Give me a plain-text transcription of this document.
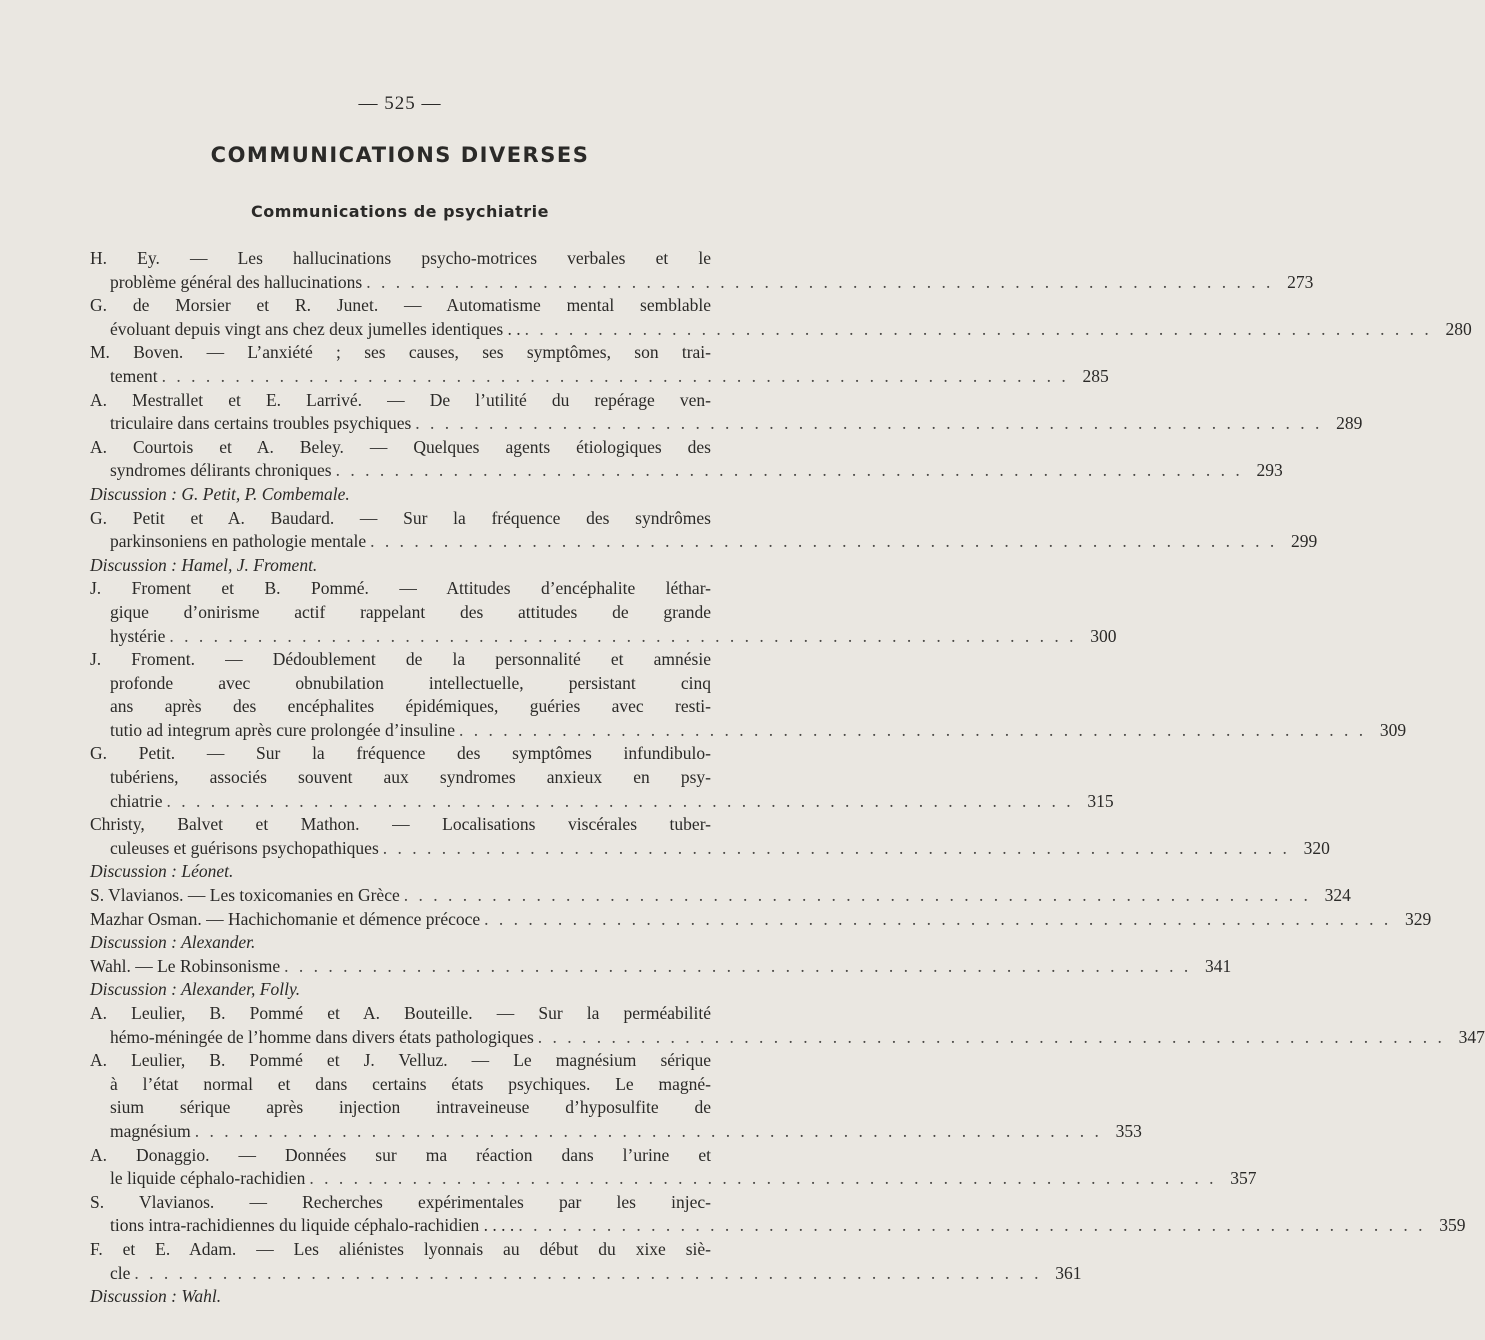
— 525 —
COMMUNICATIONS DIVERSES
Communications de psychiatrie
H. Ey. — Les hallucinations psycho-motrices verbales et le
problème général des hallucinations . . . . . . . . . . . . . . . . . . . . . . . . . . . . . . . . . . . . . . . . . . . . . . . . . . . . . . . . . . . . . . 273
G. de Morsier et R. Junet. — Automatisme mental semblable
évoluant depuis vingt ans chez deux jumelles identiques . . . . . . . . . . . . . . . . . . . . . . . . . . . . . . . . . . . . . . . . . . . . . . . . . . . . . . . . . . . . . . . . 280
M. Boven. — L’anxiété ; ses causes, ses symptômes, son trai-
tement . . . . . . . . . . . . . . . . . . . . . . . . . . . . . . . . . . . . . . . . . . . . . . . . . . . . . . . . . . . . . . 285
A. Mestrallet et E. Larrivé. — De l’utilité du repérage ven-
triculaire dans certains troubles psychiques . . . . . . . . . . . . . . . . . . . . . . . . . . . . . . . . . . . . . . . . . . . . . . . . . . . . . . . . . . . . . . 289
A. Courtois et A. Beley. — Quelques agents étiologiques des
syndromes délirants chroniques . . . . . . . . . . . . . . . . . . . . . . . . . . . . . . . . . . . . . . . . . . . . . . . . . . . . . . . . . . . . . . 293
Discussion : G. Petit, P. Combemale.
G. Petit et A. Baudard. — Sur la fréquence des syndrômes
parkinsoniens en pathologie mentale . . . . . . . . . . . . . . . . . . . . . . . . . . . . . . . . . . . . . . . . . . . . . . . . . . . . . . . . . . . . . . 299
Discussion : Hamel, J. Froment.
J. Froment et B. Pommé. — Attitudes d’encéphalite léthar-
gique d’onirisme actif rappelant des attitudes de grande
hystérie . . . . . . . . . . . . . . . . . . . . . . . . . . . . . . . . . . . . . . . . . . . . . . . . . . . . . . . . . . . . . . 300
J. Froment. — Dédoublement de la personnalité et amnésie
profonde avec obnubilation intellectuelle, persistant cinq
ans après des encéphalites épidémiques, guéries avec resti-
tutio ad integrum après cure prolongée d’insuline . . . . . . . . . . . . . . . . . . . . . . . . . . . . . . . . . . . . . . . . . . . . . . . . . . . . . . . . . . . . . . 309
G. Petit. — Sur la fréquence des symptômes infundibulo-
tubériens, associés souvent aux syndromes anxieux en psy-
chiatrie . . . . . . . . . . . . . . . . . . . . . . . . . . . . . . . . . . . . . . . . . . . . . . . . . . . . . . . . . . . . . . 315
Christy, Balvet et Mathon. — Localisations viscérales tuber-
culeuses et guérisons psychopathiques . . . . . . . . . . . . . . . . . . . . . . . . . . . . . . . . . . . . . . . . . . . . . . . . . . . . . . . . . . . . . . 320
Discussion : Léonet.
S. Vlavianos. — Les toxicomanies en Grèce . . . . . . . . . . . . . . . . . . . . . . . . . . . . . . . . . . . . . . . . . . . . . . . . . . . . . . . . . . . . . . 324
Mazhar Osman. — Hachichomanie et démence précoce . . . . . . . . . . . . . . . . . . . . . . . . . . . . . . . . . . . . . . . . . . . . . . . . . . . . . . . . . . . . . . 329
Discussion : Alexander.
Wahl. — Le Robinsonisme . . . . . . . . . . . . . . . . . . . . . . . . . . . . . . . . . . . . . . . . . . . . . . . . . . . . . . . . . . . . . . 341
Discussion : Alexander, Folly.
A. Leulier, B. Pommé et A. Bouteille. — Sur la perméabilité
hémo-méningée de l’homme dans divers états pathologiques . . . . . . . . . . . . . . . . . . . . . . . . . . . . . . . . . . . . . . . . . . . . . . . . . . . . . . . . . . . . . . 347
A. Leulier, B. Pommé et J. Velluz. — Le magnésium sérique
à l’état normal et dans certains états psychiques. Le magné-
sium sérique après injection intraveineuse d’hyposulfite de
magnésium . . . . . . . . . . . . . . . . . . . . . . . . . . . . . . . . . . . . . . . . . . . . . . . . . . . . . . . . . . . . . . 353
A. Donaggio. — Données sur ma réaction dans l’urine et
le liquide céphalo-rachidien . . . . . . . . . . . . . . . . . . . . . . . . . . . . . . . . . . . . . . . . . . . . . . . . . . . . . . . . . . . . . . 357
S. Vlavianos. — Recherches expérimentales par les injec-
tions intra-rachidiennes du liquide céphalo-rachidien . . . . . . . . . . . . . . . . . . . . . . . . . . . . . . . . . . . . . . . . . . . . . . . . . . . . . . . . . . . . . . . . . . 359
F. et E. Adam. — Les aliénistes lyonnais au début du xixe siè-
cle . . . . . . . . . . . . . . . . . . . . . . . . . . . . . . . . . . . . . . . . . . . . . . . . . . . . . . . . . . . . . . 361
Discussion : Wahl.
